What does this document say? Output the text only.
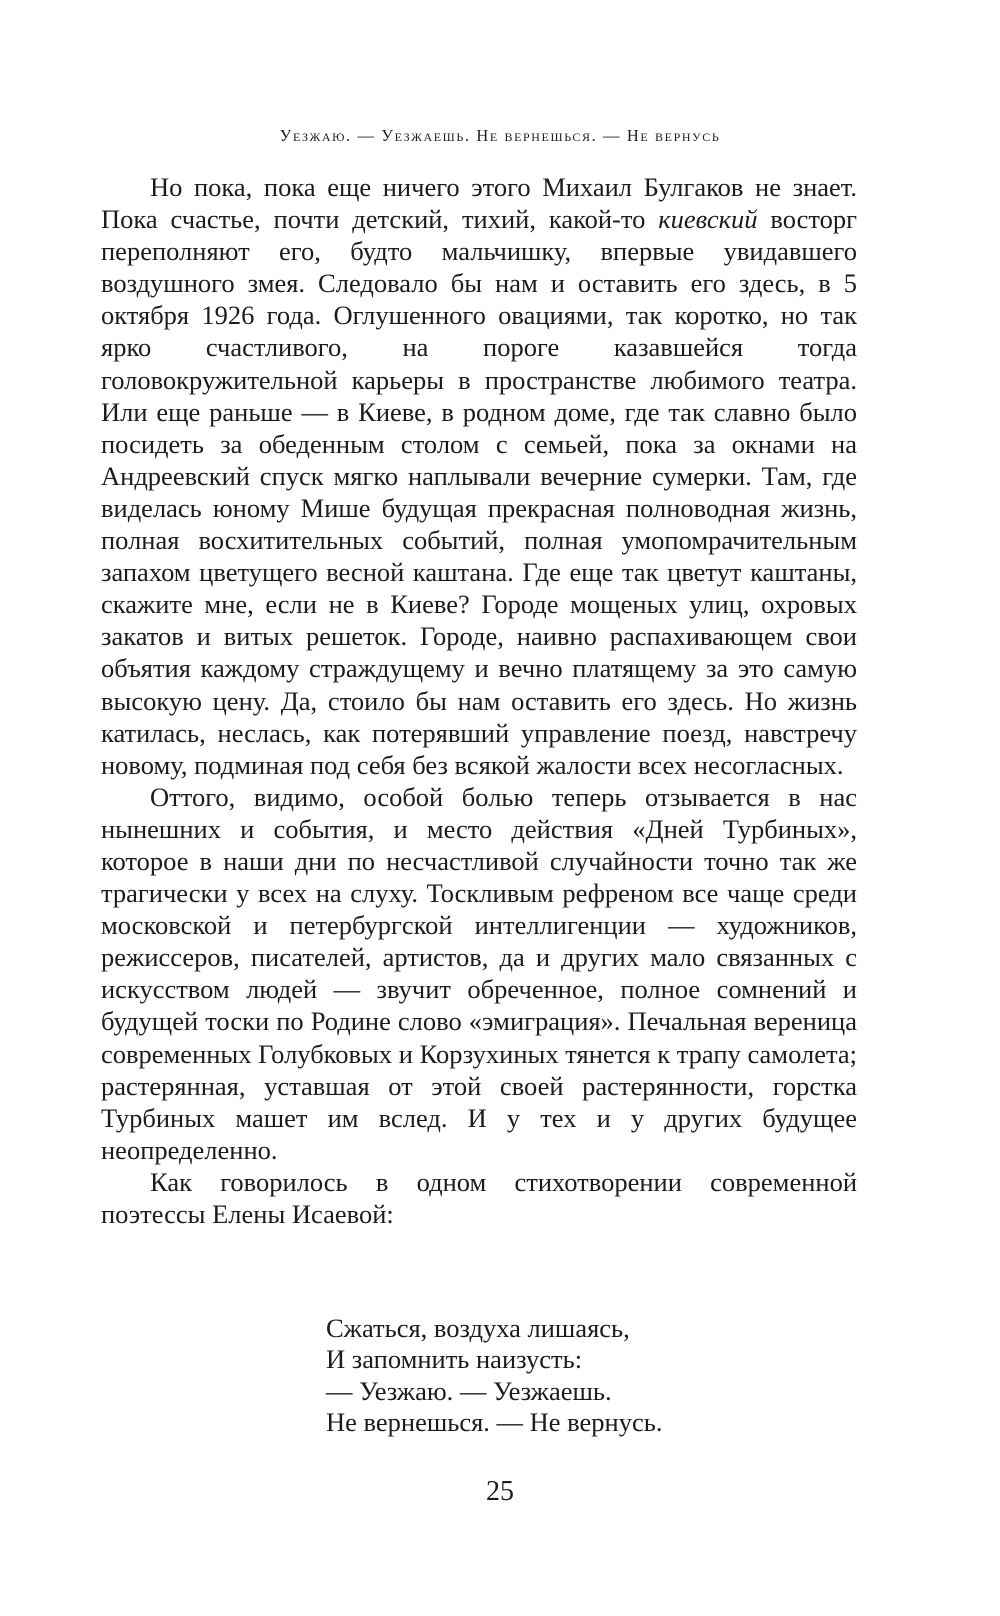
Уезжаю. — Уезжаешь. Не вернешься. — Не вернусь

Но пока, пока еще ничего этого Михаил Булгаков не знает. Пока счастье, почти детский, тихий, какой-то киевский восторг переполняют его, будто мальчишку, впервые увидавшего воздушного змея. Следовало бы нам и оставить его здесь, в 5 октября 1926 года. Оглушенного овациями, так коротко, но так ярко счастливого, на пороге казавшейся тогда головокружительной карьеры в пространстве любимого театра. Или еще раньше — в Киеве, в родном доме, где так славно было посидеть за обеденным столом с семьей, пока за окнами на Андреевский спуск мягко наплывали вечерние сумерки. Там, где виделась юному Мише будущая прекрасная полноводная жизнь, полная восхитительных событий, полная умопомрачительным запахом цветущего весной каштана. Где еще так цветут каштаны, скажите мне, если не в Киеве? Городе мощеных улиц, охровых закатов и витых решеток. Городе, наивно распахивающем свои объятия каждому страждущему и вечно платящему за это самую высокую цену. Да, стоило бы нам оставить его здесь. Но жизнь катилась, неслась, как потерявший управление поезд, навстречу новому, подминая под себя без всякой жалости всех несогласных.

Оттого, видимо, особой болью теперь отзывается в нас нынешних и события, и место действия «Дней Турбиных», которое в наши дни по несчастливой случайности точно так же трагически у всех на слуху. Тоскливым рефреном все чаще среди московской и петербургской интеллигенции — художников, режиссеров, писателей, артистов, да и других мало связанных с искусством людей — звучит обреченное, полное сомнений и будущей тоски по Родине слово «эмиграция». Печальная вереница современных Голубковых и Корзухиных тянется к трапу самолета; растерянная, уставшая от этой своей растерянности, горстка Турбиных машет им вслед. И у тех и у других будущее неопределенно.

Как говорилось в одном стихотворении современной поэтессы Елены Исаевой:

Сжаться, воздуха лишаясь,
И запомнить наизусть:
— Уезжаю. — Уезжаешь.
Не вернешься. — Не вернусь.
25
